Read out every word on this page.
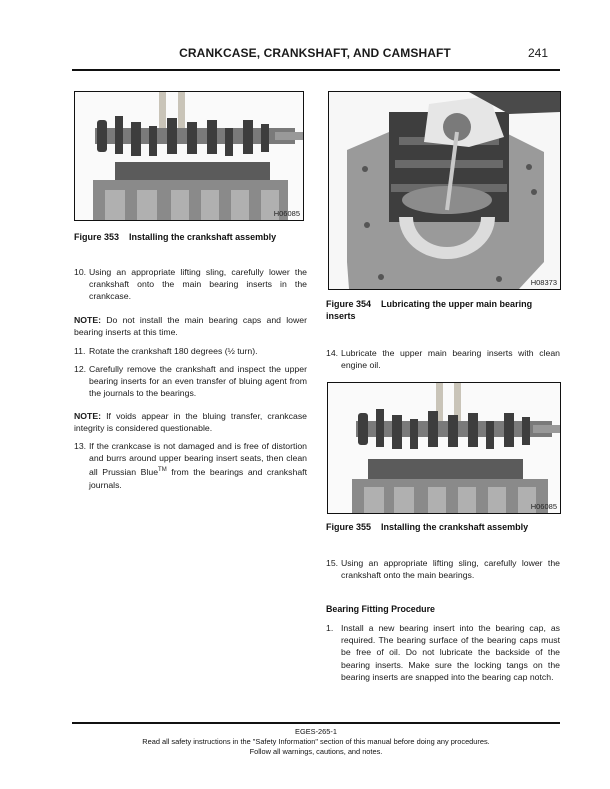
CRANKCASE, CRANKSHAFT, AND CAMSHAFT	241
H06085
Figure 353 Installing the crankshaft assembly
10. Using an appropriate lifting sling, carefully lower the crankshaft onto the main bearing inserts in the crankcase.
NOTE: Do not install the main bearing caps and lower bearing inserts at this time.
11. Rotate the crankshaft 180 degrees (½ turn).
12. Carefully remove the crankshaft and inspect the upper bearing inserts for an even transfer of bluing agent from the journals to the bearings.
NOTE: If voids appear in the bluing transfer, crankcase integrity is considered questionable.
13. If the crankcase is not damaged and is free of distortion and burrs around upper bearing insert seats, then clean all Prussian Blue™ from the bearings and crankshaft journals.
H08373
Figure 354 Lubricating the upper main bearing inserts
14. Lubricate the upper main bearing inserts with clean engine oil.
H06085
Figure 355 Installing the crankshaft assembly
15. Using an appropriate lifting sling, carefully lower the crankshaft onto the main bearings.
Bearing Fitting Procedure
1. Install a new bearing insert into the bearing cap, as required. The bearing surface of the bearing caps must be free of oil. Do not lubricate the backside of the bearing inserts. Make sure the locking tangs on the bearing inserts are snapped into the bearing cap notch.
EGES-265-1
Read all safety instructions in the "Safety Information" section of this manual before doing any procedures.
Follow all warnings, cautions, and notes.
